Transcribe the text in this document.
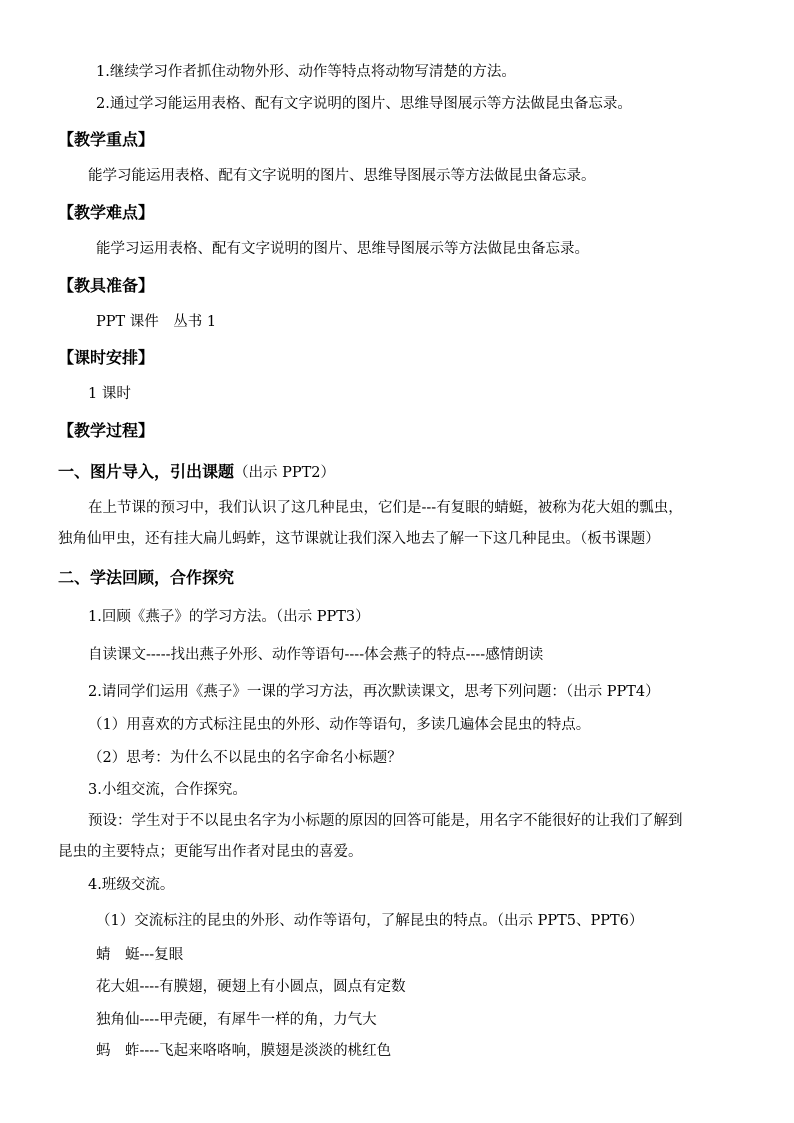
1.继续学习作者抓住动物外形、动作等特点将动物写清楚的方法。
2.通过学习能运用表格、配有文字说明的图片、思维导图展示等方法做昆虫备忘录。
【教学重点】
能学习能运用表格、配有文字说明的图片、思维导图展示等方法做昆虫备忘录。
【教学难点】
能学习运用表格、配有文字说明的图片、思维导图展示等方法做昆虫备忘录。
【教具准备】
PPT 课件　丛书 1
【课时安排】
1 课时
【教学过程】
一、图片导入，引出课题（出示 PPT2）
在上节课的预习中，我们认识了这几种昆虫，它们是---有复眼的蜻蜓，被称为花大姐的瓢虫，
独角仙甲虫，还有挂大扁儿蚂蚱，这节课就让我们深入地去了解一下这几种昆虫。（板书课题）
二、学法回顾，合作探究
1.回顾《燕子》的学习方法。（出示 PPT3）
自读课文-----找出燕子外形、动作等语句----体会燕子的特点----感情朗读
2.请同学们运用《燕子》一课的学习方法，再次默读课文，思考下列问题：（出示 PPT4）
（1）用喜欢的方式标注昆虫的外形、动作等语句，多读几遍体会昆虫的特点。
（2）思考：为什么不以昆虫的名字命名小标题？
3.小组交流，合作探究。
预设：学生对于不以昆虫名字为小标题的原因的回答可能是，用名字不能很好的让我们了解到
昆虫的主要特点；更能写出作者对昆虫的喜爱。
4.班级交流。
（1）交流标注的昆虫的外形、动作等语句，了解昆虫的特点。（出示 PPT5、PPT6）
蜻　蜓---复眼
花大姐----有膜翅，硬翅上有小圆点，圆点有定数
独角仙----甲壳硬，有犀牛一样的角，力气大
蚂　蚱----飞起来咯咯响，膜翅是淡淡的桃红色
